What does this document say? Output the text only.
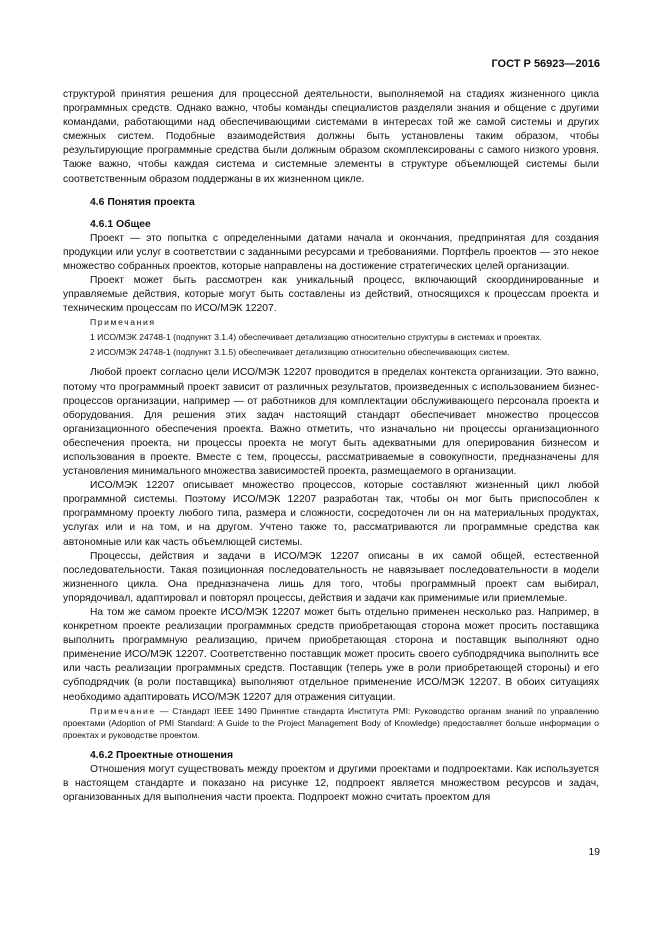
ГОСТ Р 56923—2016

структурой принятия решения для процессной деятельности, выполняемой на стадиях жизненного цикла программных средств. Однако важно, чтобы команды специалистов разделяли знания и общение с другими командами, работающими над обеспечивающими системами в интересах той же самой системы и других смежных систем. Подобные взаимодействия должны быть установлены таким образом, чтобы результирующие программные средства были должным образом скомплексированы с самого низкого уровня. Также важно, чтобы каждая система и системные элементы в структуре объемлющей системы были соответственным образом поддержаны в их жизненном цикле.

4.6 Понятия проекта
4.6.1 Общее

Проект — это попытка с определенными датами начала и окончания, предпринятая для создания продукции или услуг в соответствии с заданными ресурсами и требованиями. Портфель проектов — это некое множество собранных проектов, которые направлены на достижение стратегических целей организации.

Проект может быть рассмотрен как уникальный процесс, включающий скоординированные и управляемые действия, которые могут быть составлены из действий, относящихся к процессам проекта и техническим процессам по ИСО/МЭК 12207.

Примечания

1 ИСО/МЭК 24748-1 (подпункт 3.1.4) обеспечивает детализацию относительно структуры в системах и проектах.

2 ИСО/МЭК 24748-1 (подпункт 3.1.5) обеспечивает детализацию относительно обеспечивающих систем.

Любой проект согласно цели ИСО/МЭК 12207 проводится в пределах контекста организации. Это важно, потому что программный проект зависит от различных результатов, произведенных с использованием бизнес-процессов организации, например — от работников для комплектации обслуживающего персонала проекта и оборудования. Для решения этих задач настоящий стандарт обеспечивает множество процессов организационного обеспечения проекта. Важно отметить, что изначально ни процессы организационного обеспечения проекта, ни процессы проекта не могут быть адекватными для оперирования бизнесом и использования в проекте. Вместе с тем, процессы, рассматриваемые в совокупности, предназначены для установления минимального множества зависимостей проекта, размещаемого в организации.

ИСО/МЭК 12207 описывает множество процессов, которые составляют жизненный цикл любой программной системы. Поэтому ИСО/МЭК 12207 разработан так, чтобы он мог быть приспособлен к программному проекту любого типа, размера и сложности, сосредоточен ли он на материальных продуктах, услугах или и на том, и на другом. Учтено также то, рассматриваются ли программные средства как автономные или как часть объемлющей системы.

Процессы, действия и задачи в ИСО/МЭК 12207 описаны в их самой общей, естественной последовательности. Такая позиционная последовательность не навязывает последовательности в модели жизненного цикла. Она предназначена лишь для того, чтобы программный проект сам выбирал, упорядочивал, адаптировал и повторял процессы, действия и задачи как применимые или приемлемые.

На том же самом проекте ИСО/МЭК 12207 может быть отдельно применен несколько раз. Например, в конкретном проекте реализации программных средств приобретающая сторона может просить поставщика выполнить программную реализацию, причем приобретающая сторона и поставщик выполняют одно применение ИСО/МЭК 12207. Соответственно поставщик может просить своего субподрядчика выполнить все или часть реализации программных средств. Поставщик (теперь уже в роли приобретающей стороны) и его субподрядчик (в роли поставщика) выполняют отдельное применение ИСО/МЭК 12207. В обоих ситуациях необходимо адаптировать ИСО/МЭК 12207 для отражения ситуации.

Примечание — Стандарт IEEE 1490 Принятие стандарта Института PMI: Руководство органам знаний по управлению проектами (Adoption of PMI Standard: A Guide to the Project Management Body of Knowledge) предоставляет больше информации о проектах и руководстве проектом.

4.6.2 Проектные отношения

Отношения могут существовать между проектом и другими проектами и подпроектами. Как используется в настоящем стандарте и показано на рисунке 12, подпроект является множеством ресурсов и задач, организованных для выполнения части проекта. Подпроект можно считать проектом для

19
